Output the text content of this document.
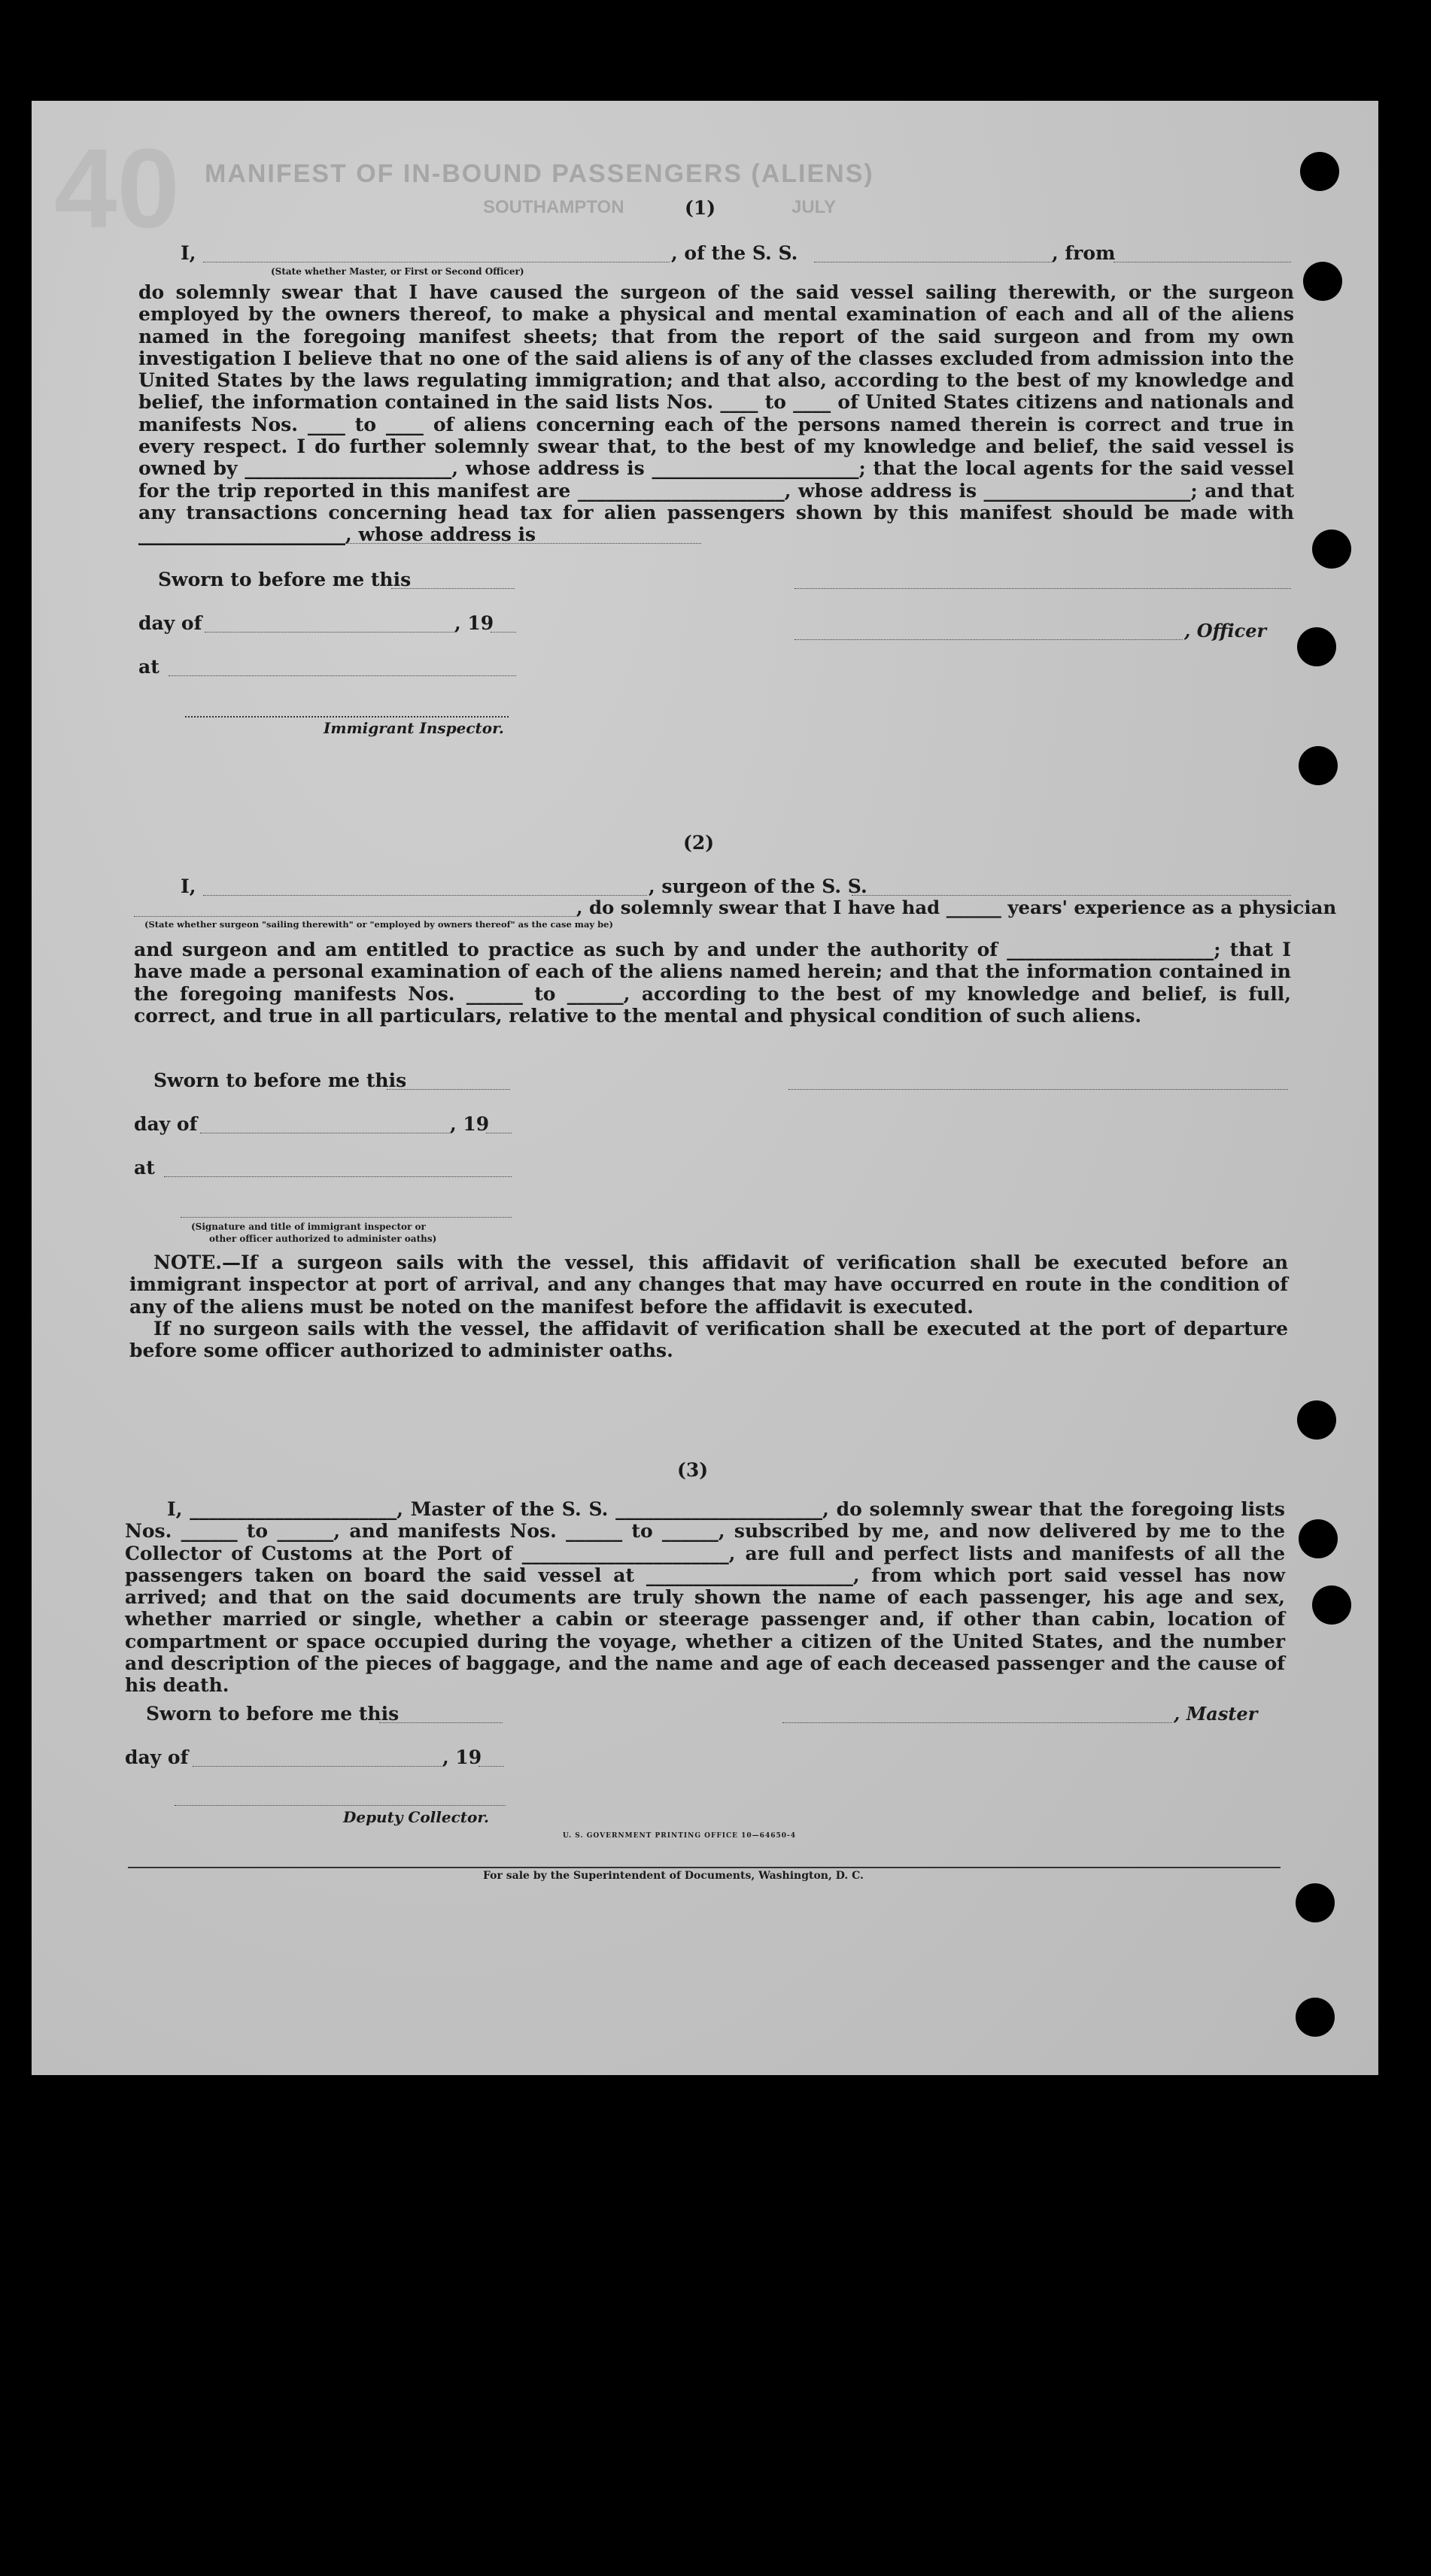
MANIFEST OF IN-BOUND PASSENGERS (ALIENS)
SOUTHAMPTON	JULY
40	(1)
I,
(State whether Master, or First or Second Officer)
, of the S. S.	, from
do solemnly swear that I have caused the surgeon of the said vessel sailing therewith, or the surgeon employed by the owners thereof, to make a physical and mental examination of each and all of the aliens named in the foregoing manifest sheets; that from the report of the said surgeon and from my own investigation I believe that no one of the said aliens is of any of the classes excluded from admission into the United States by the laws regulating immigration; and that also, according to the best of my knowledge and belief, the information contained in the said lists Nos. ____ to ____ of United States citizens and nationals and manifests Nos. ____ to ____ of aliens concerning each of the persons named therein is correct and true in every respect. I do further solemnly swear that, to the best of my knowledge and belief, the said vessel is owned by ______________________, whose address is ______________________; that the local agents for the said vessel for the trip reported in this manifest are ______________________, whose address is ______________________; and that any transactions concerning head tax for alien passengers shown by this manifest should be made with ______________________, whose address is
Sworn to before me this
day of	, 19	, Officer
at
Immigrant Inspector.
(2)
I,	, surgeon of the S. S.
, do solemnly swear that I have had ______ years' experience as a physician
(State whether surgeon "sailing therewith" or "employed by owners thereof" as the case may be)
and surgeon and am entitled to practice as such by and under the authority of ______________________; that I have made a personal examination of each of the aliens named herein; and that the information contained in the foregoing manifests Nos. ______ to ______, according to the best of my knowledge and belief, is full, correct, and true in all particulars, relative to the mental and physical condition of such aliens.
Sworn to before me this
day of	, 19
at
(Signature and title of immigrant inspector or
other officer authorized to administer oaths)
NOTE.—If a surgeon sails with the vessel, this affidavit of verification shall be executed before an immigrant inspector at port of arrival, and any changes that may have occurred en route in the condition of any of the aliens must be noted on the manifest before the affidavit is executed.
If no surgeon sails with the vessel, the affidavit of verification shall be executed at the port of departure before some officer authorized to administer oaths.
(3)
I, ______________________, Master of the S. S. ______________________, do solemnly swear that the foregoing lists Nos. ______ to ______, and manifests Nos. ______ to ______, subscribed by me, and now delivered by me to the Collector of Customs at the Port of ______________________, are full and perfect lists and manifests of all the passengers taken on board the said vessel at ______________________, from which port said vessel has now arrived; and that on the said documents are truly shown the name of each passenger, his age and sex, whether married or single, whether a cabin or steerage passenger and, if other than cabin, location of compartment or space occupied during the voyage, whether a citizen of the United States, and the number and description of the pieces of baggage, and the name and age of each deceased passenger and the cause of his death.
Sworn to before me this	, Master
day of	, 19
Deputy Collector.
U. S. GOVERNMENT PRINTING OFFICE 10—64650-4
For sale by the Superintendent of Documents, Washington, D. C.
